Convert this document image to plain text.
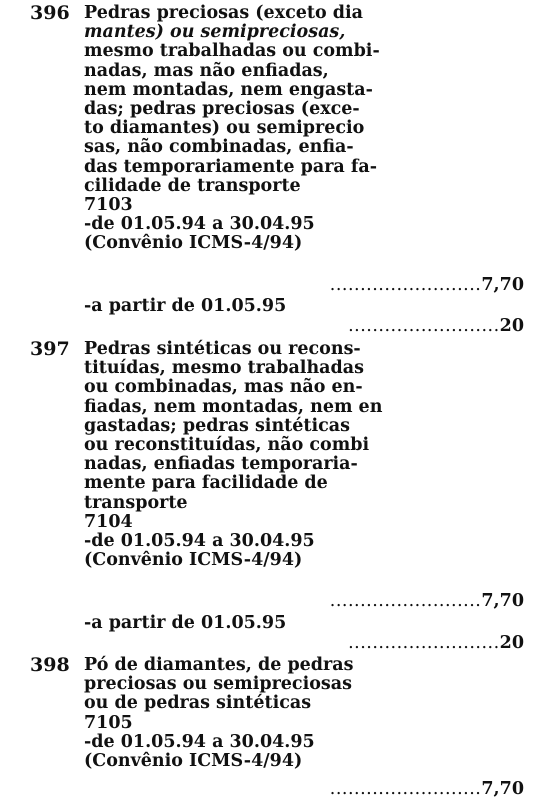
396 Pedras preciosas (exceto dia
mantes) ou semipreciosas,
mesmo trabalhadas ou combi-
nadas, mas não enfiadas,
nem montadas, nem engasta-
das; pedras preciosas (exce-
to diamantes) ou semiprecio
sas, não combinadas, enfia-
das temporariamente para fa-
cilidade de transporte
7103
-de 01.05.94 a 30.04.95
(Convênio ICMS-4/94)
.........................7,70
-a partir de 01.05.95
.........................20
397 Pedras sintéticas ou recons-
tituídas, mesmo trabalhadas
ou combinadas, mas não en-
fiadas, nem montadas, nem en
gastadas; pedras sintéticas
ou reconstituídas, não combi
nadas, enfiadas temporaria-
mente para facilidade de
transporte
7104
-de 01.05.94 a 30.04.95
(Convênio ICMS-4/94)
.........................7,70
-a partir de 01.05.95
.........................20
398 Pó de diamantes, de pedras
preciosas ou semipreciosas
ou de pedras sintéticas
7105
-de 01.05.94 a 30.04.95
(Convênio ICMS-4/94)
.........................7,70
